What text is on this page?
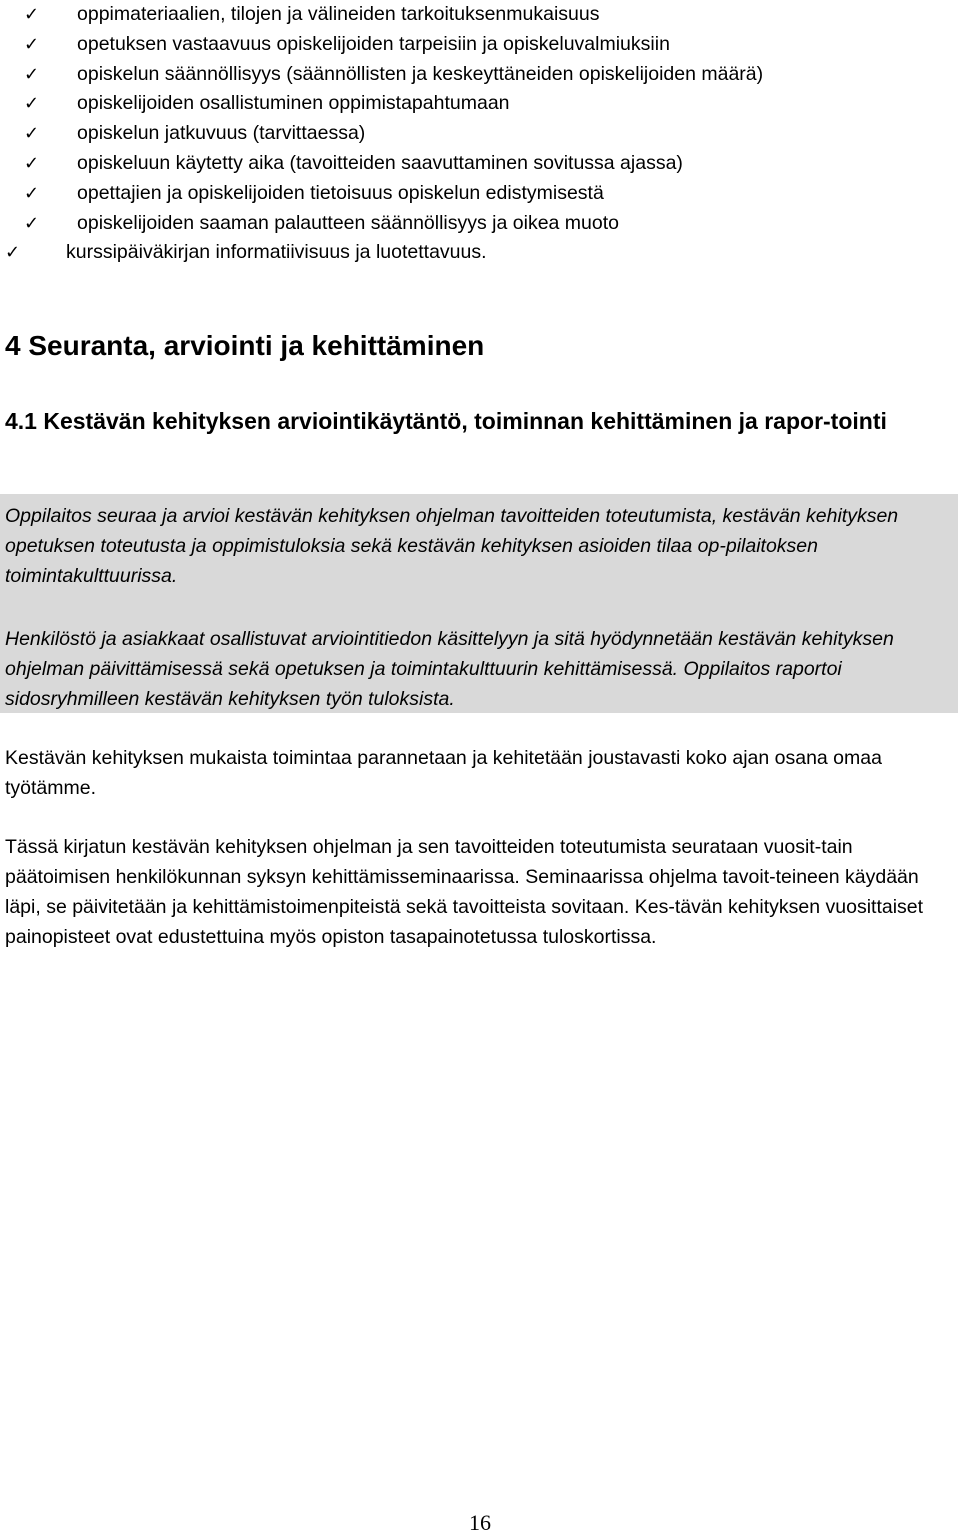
✓ oppimateriaalien, tilojen ja välineiden tarkoituksenmukaisuus
✓ opetuksen vastaavuus opiskelijoiden tarpeisiin ja opiskeluvalmiuksiin
✓ opiskelun säännöllisyys (säännöllisten ja keskeyttäneiden opiskelijoiden määrä)
✓ opiskelijoiden osallistuminen oppimistapahtumaan
✓ opiskelun jatkuvuus (tarvittaessa)
✓ opiskeluun käytetty aika (tavoitteiden saavuttaminen sovitussa ajassa)
✓ opettajien ja opiskelijoiden tietoisuus opiskelun edistymisestä
✓ opiskelijoiden saaman palautteen säännöllisyys ja oikea muoto
✓ kurssipäiväkirjan informatiivisuus ja luotettavuus.
4 Seuranta, arviointi ja kehittäminen
4.1 Kestävän kehityksen arviointikäytäntö, toiminnan kehittäminen ja rapor-tointi

Oppilaitos seuraa ja arvioi kestävän kehityksen ohjelman tavoitteiden toteutumista, kestävän kehityksen opetuksen toteutusta ja oppimistuloksia sekä kestävän kehityksen asioiden tilaa op-pilaitoksen toimintakulttuurissa.

Henkilöstö ja asiakkaat osallistuvat arviointitiedon käsittelyyn ja sitä hyödynnetään kestävän kehityksen ohjelman päivittämisessä sekä opetuksen ja toimintakulttuurin kehittämisessä. Oppilaitos raportoi sidosryhmilleen kestävän kehityksen työn tuloksista.

Kestävän kehityksen mukaista toimintaa parannetaan ja kehitetään joustavasti koko ajan osana omaa työtämme.

Tässä kirjatun kestävän kehityksen ohjelman ja sen tavoitteiden toteutumista seurataan vuosit-tain päätoimisen henkilökunnan syksyn kehittämisseminaarissa. Seminaarissa ohjelma tavoit-teineen käydään läpi, se päivitetään ja kehittämistoimenpiteistä sekä tavoitteista sovitaan. Kes-tävän kehityksen vuosittaiset painopisteet ovat edustettuina myös opiston tasapainotetussa tuloskortissa.

16
